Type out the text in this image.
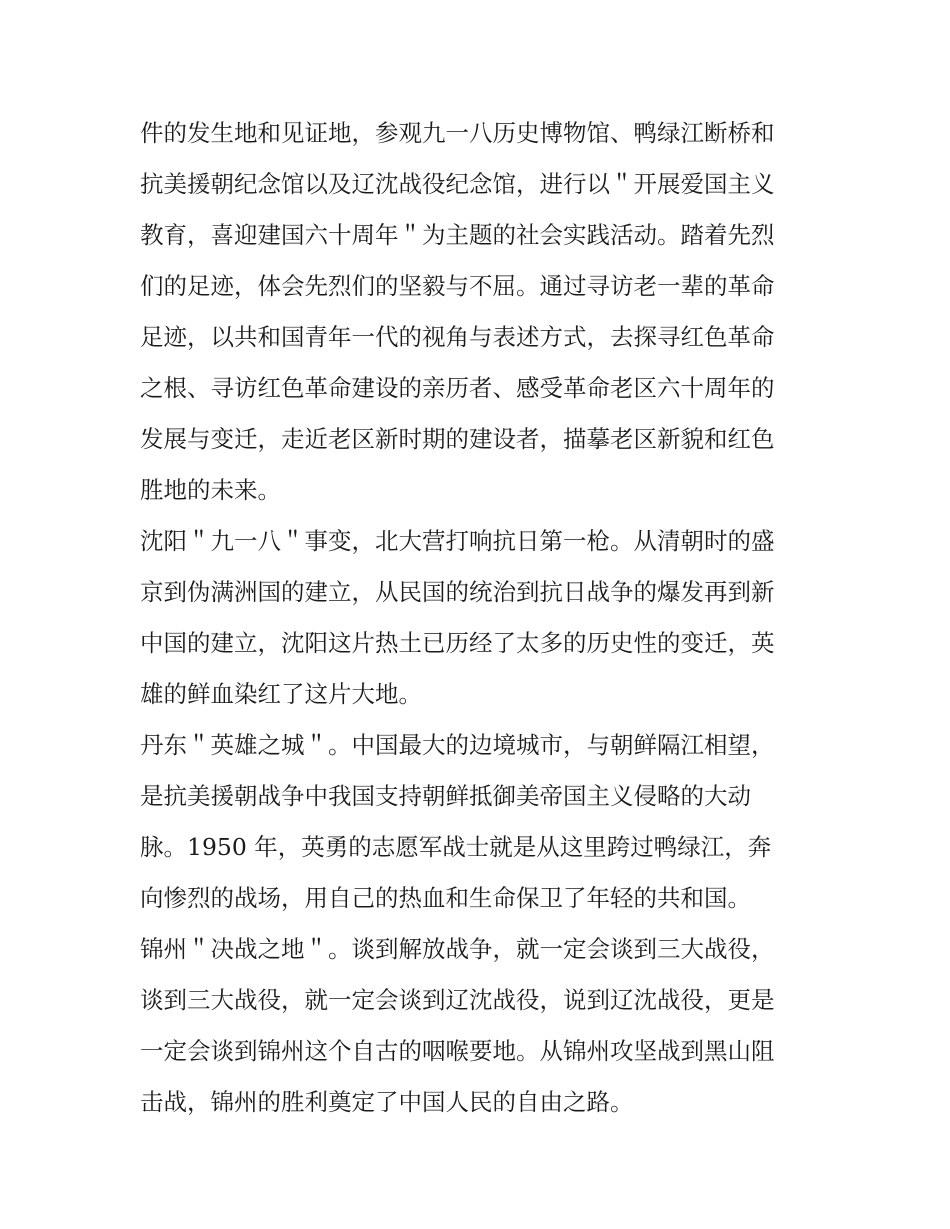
件的发生地和见证地，参观九一八历史博物馆、鸭绿江断桥和
抗美援朝纪念馆以及辽沈战役纪念馆，进行以＂开展爱国主义
教育，喜迎建国六十周年＂为主题的社会实践活动。踏着先烈
们的足迹，体会先烈们的坚毅与不屈。通过寻访老一辈的革命
足迹，以共和国青年一代的视角与表述方式，去探寻红色革命
之根、寻访红色革命建设的亲历者、感受革命老区六十周年的
发展与变迁，走近老区新时期的建设者，描摹老区新貌和红色
胜地的未来。
沈阳＂九一八＂事变，北大营打响抗日第一枪。从清朝时的盛
京到伪满洲国的建立，从民国的统治到抗日战争的爆发再到新
中国的建立，沈阳这片热土已历经了太多的历史性的变迁，英
雄的鲜血染红了这片大地。
丹东＂英雄之城＂。中国最大的边境城市，与朝鲜隔江相望，
是抗美援朝战争中我国支持朝鲜抵御美帝国主义侵略的大动
脉。1950 年，英勇的志愿军战士就是从这里跨过鸭绿江，奔
向惨烈的战场，用自己的热血和生命保卫了年轻的共和国。
锦州＂决战之地＂。谈到解放战争，就一定会谈到三大战役，
谈到三大战役，就一定会谈到辽沈战役，说到辽沈战役，更是
一定会谈到锦州这个自古的咽喉要地。从锦州攻坚战到黑山阻
击战，锦州的胜利奠定了中国人民的自由之路。
